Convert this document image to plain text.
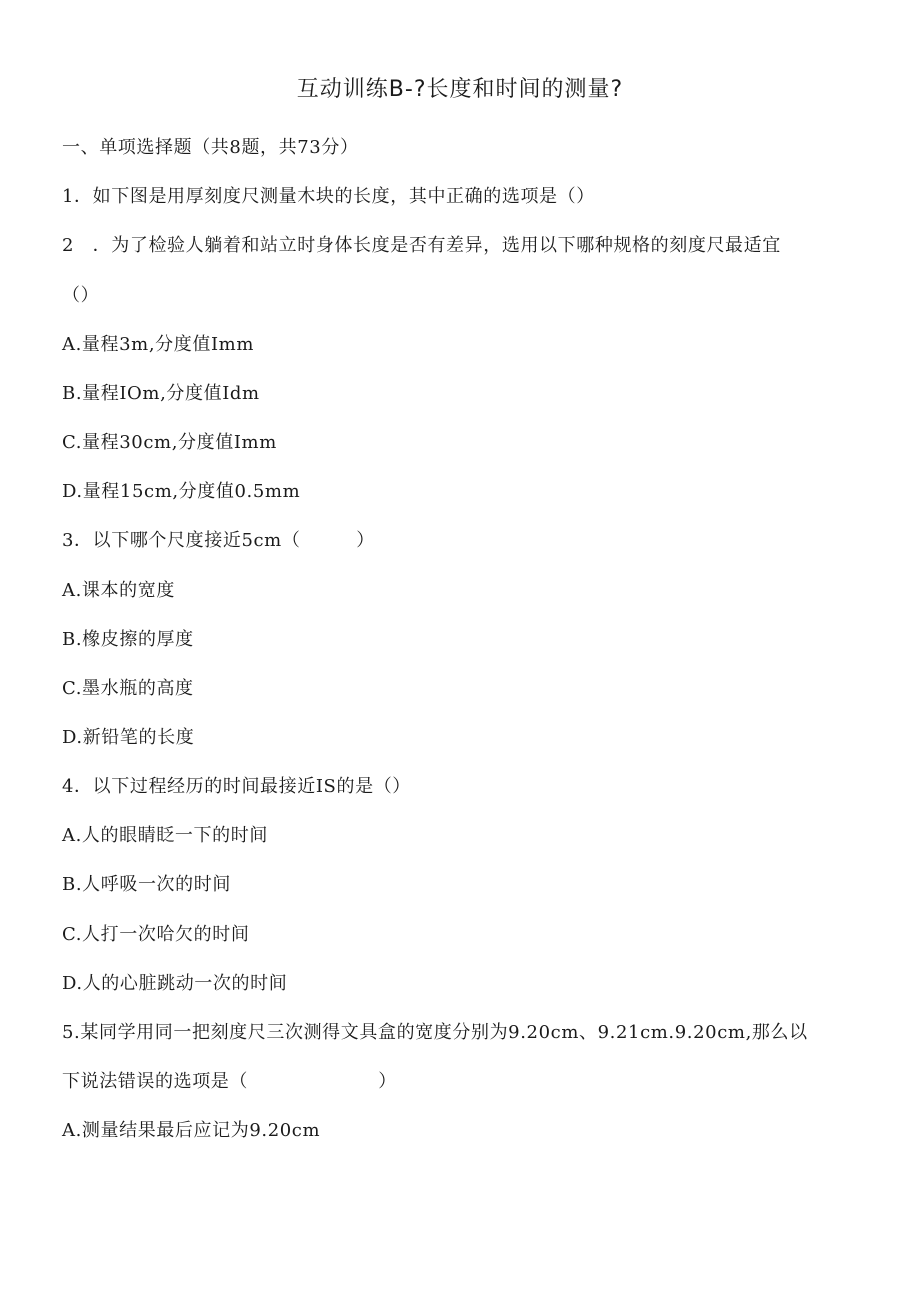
互动训练B-?长度和时间的测量?
一、单项选择题（共8题，共73分）
1．如下图是用厚刻度尺测量木块的长度，其中正确的选项是（）
2　．为了检验人躺着和站立时身体长度是否有差异，选用以下哪种规格的刻度尺最适宜
（）
A.量程3m,分度值Imm
B.量程IOm,分度值Idm
C.量程30cm,分度值Imm
D.量程15cm,分度值0.5mm
3．以下哪个尺度接近5cm（　　　）
A.课本的宽度
B.橡皮擦的厚度
C.墨水瓶的高度
D.新铅笔的长度
4．以下过程经历的时间最接近IS的是（）
A.人的眼睛眨一下的时间
B.人呼吸一次的时间
C.人打一次哈欠的时间
D.人的心脏跳动一次的时间
5.某同学用同一把刻度尺三次测得文具盒的宽度分别为9.20cm、9.21cm.9.20cm,那么以
下说法错误的选项是（　　　　　　　）
A.测量结果最后应记为9.20cm
